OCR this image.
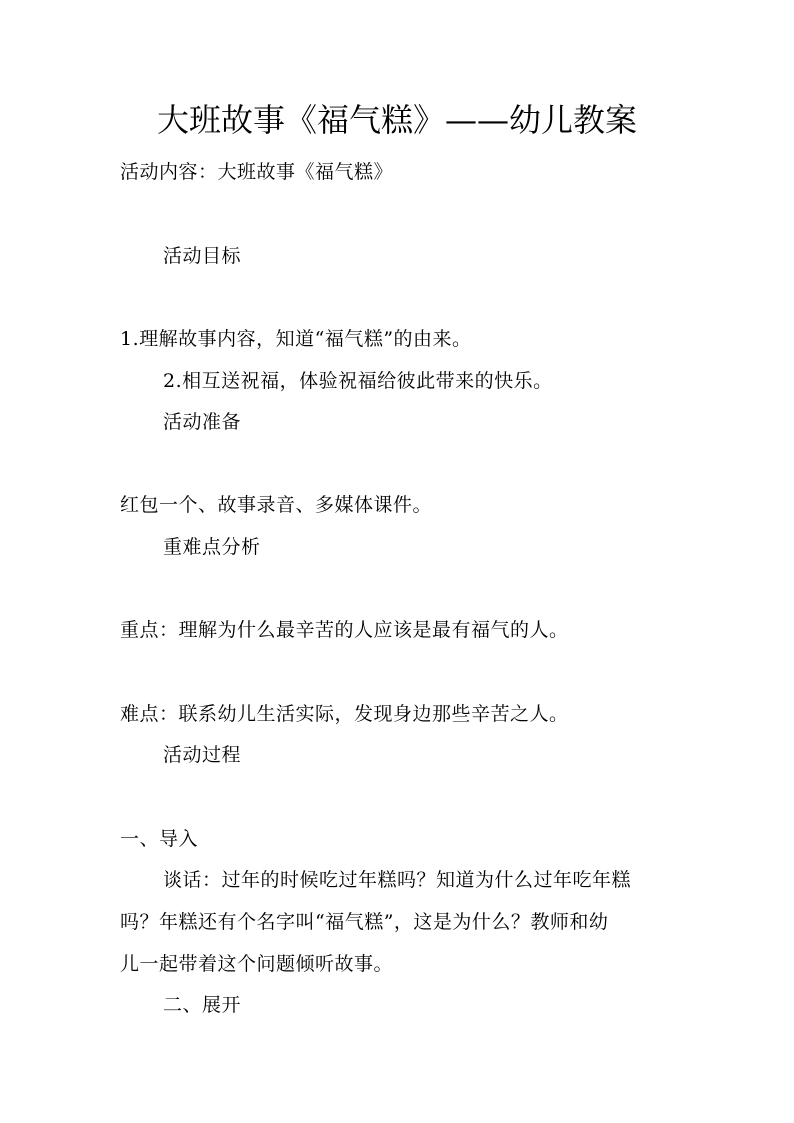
大班故事《福气糕》——幼儿教案
活动内容：大班故事《福气糕》
活动目标
1.理解故事内容，知道“福气糕”的由来。
2.相互送祝福，体验祝福给彼此带来的快乐。
活动准备
红包一个、故事录音、多媒体课件。
重难点分析
重点：理解为什么最辛苦的人应该是最有福气的人。
难点：联系幼儿生活实际，发现身边那些辛苦之人。
活动过程
一、导入
谈话：过年的时候吃过年糕吗？知道为什么过年吃年糕
吗？年糕还有个名字叫“福气糕”，这是为什么？教师和幼
儿一起带着这个问题倾听故事。
二、展开
